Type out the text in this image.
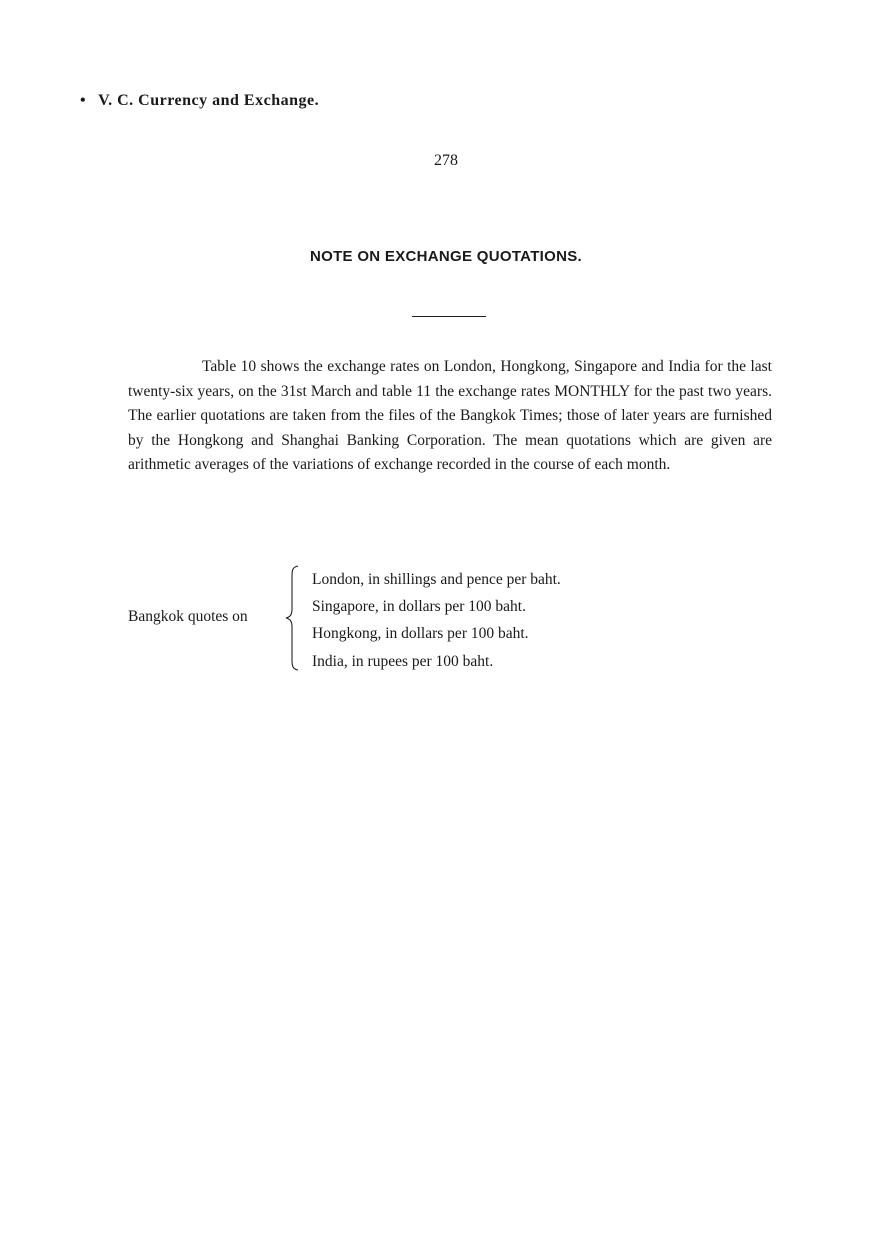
• V. C. Currency and Exchange.
278
NOTE ON EXCHANGE QUOTATIONS.

Table 10 shows the exchange rates on London, Hongkong, Singapore and India for the last twenty-six years, on the 31st March and table 11 the exchange rates MONTHLY for the past two years. The earlier quotations are taken from the files of the Bangkok Times; those of later years are furnished by the Hongkong and Shanghai Banking Corporation. The mean quotations which are given are arithmetic averages of the variations of exchange recorded in the course of each month.

Bangkok quotes on
London, in shillings and pence per baht.
Singapore, in dollars per 100 baht.
Hongkong, in dollars per 100 baht.
India, in rupees per 100 baht.
